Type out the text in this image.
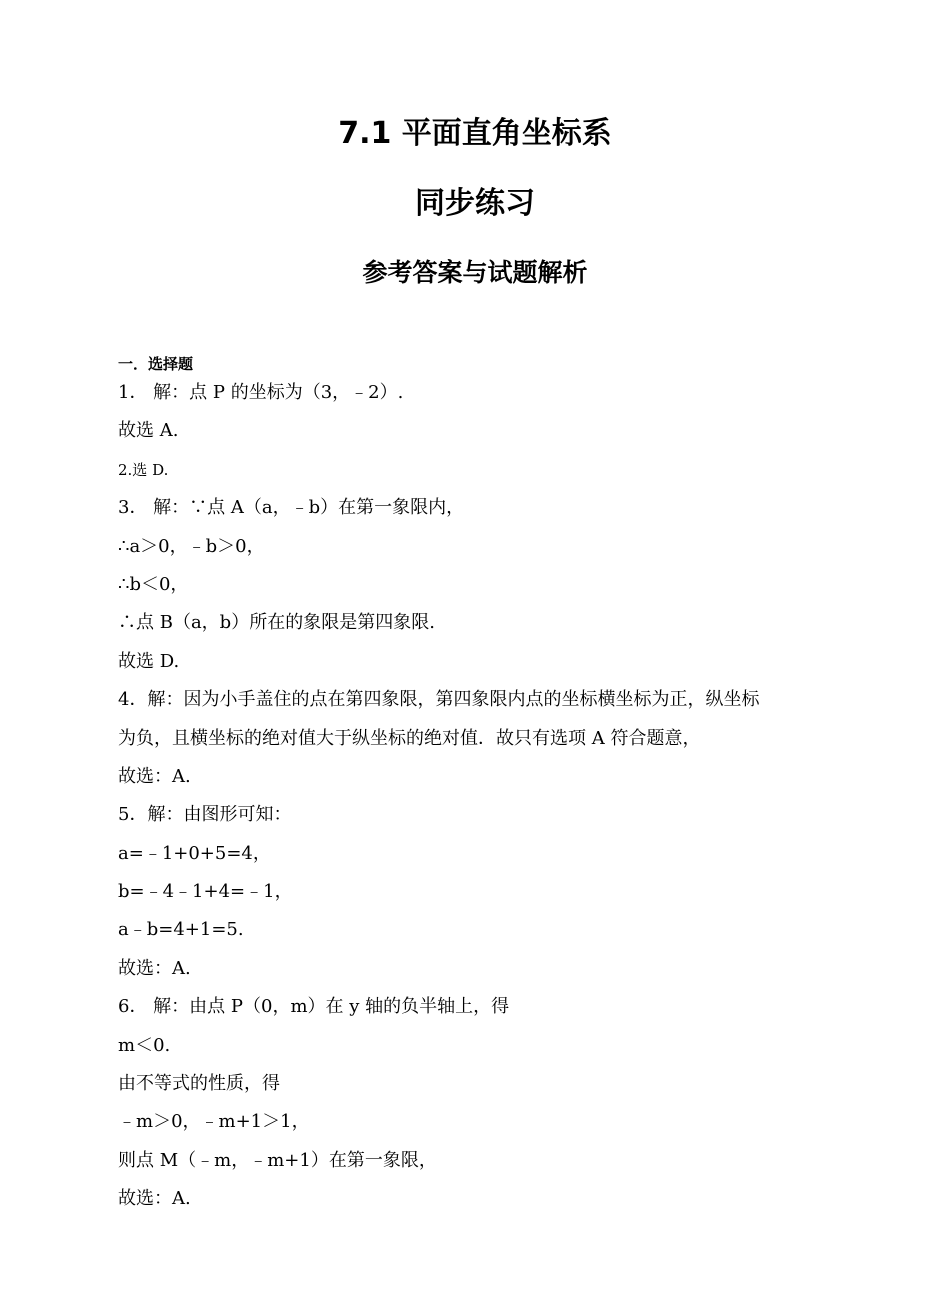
7.1 平面直角坐标系
同步练习
参考答案与试题解析
一．选择题
1． 解：点 P 的坐标为（3，﹣2）.
故选 A.
2.选 D.
3． 解：∵点 A（a，﹣b）在第一象限内，
∴a＞0，﹣b＞0，
∴b＜0，
∴点 B（a，b）所在的象限是第四象限.
故选 D.
4．解：因为小手盖住的点在第四象限，第四象限内点的坐标横坐标为正，纵坐标
为负，且横坐标的绝对值大于纵坐标的绝对值．故只有选项 A 符合题意，
故选：A.
5．解：由图形可知：
a=﹣1+0+5=4，
b=﹣4﹣1+4=﹣1，
a﹣b=4+1=5.
故选：A.
6． 解：由点 P（0，m）在 y 轴的负半轴上，得
m＜0.
由不等式的性质，得
﹣m＞0，﹣m+1＞1，
则点 M（﹣m，﹣m+1）在第一象限，
故选：A.
